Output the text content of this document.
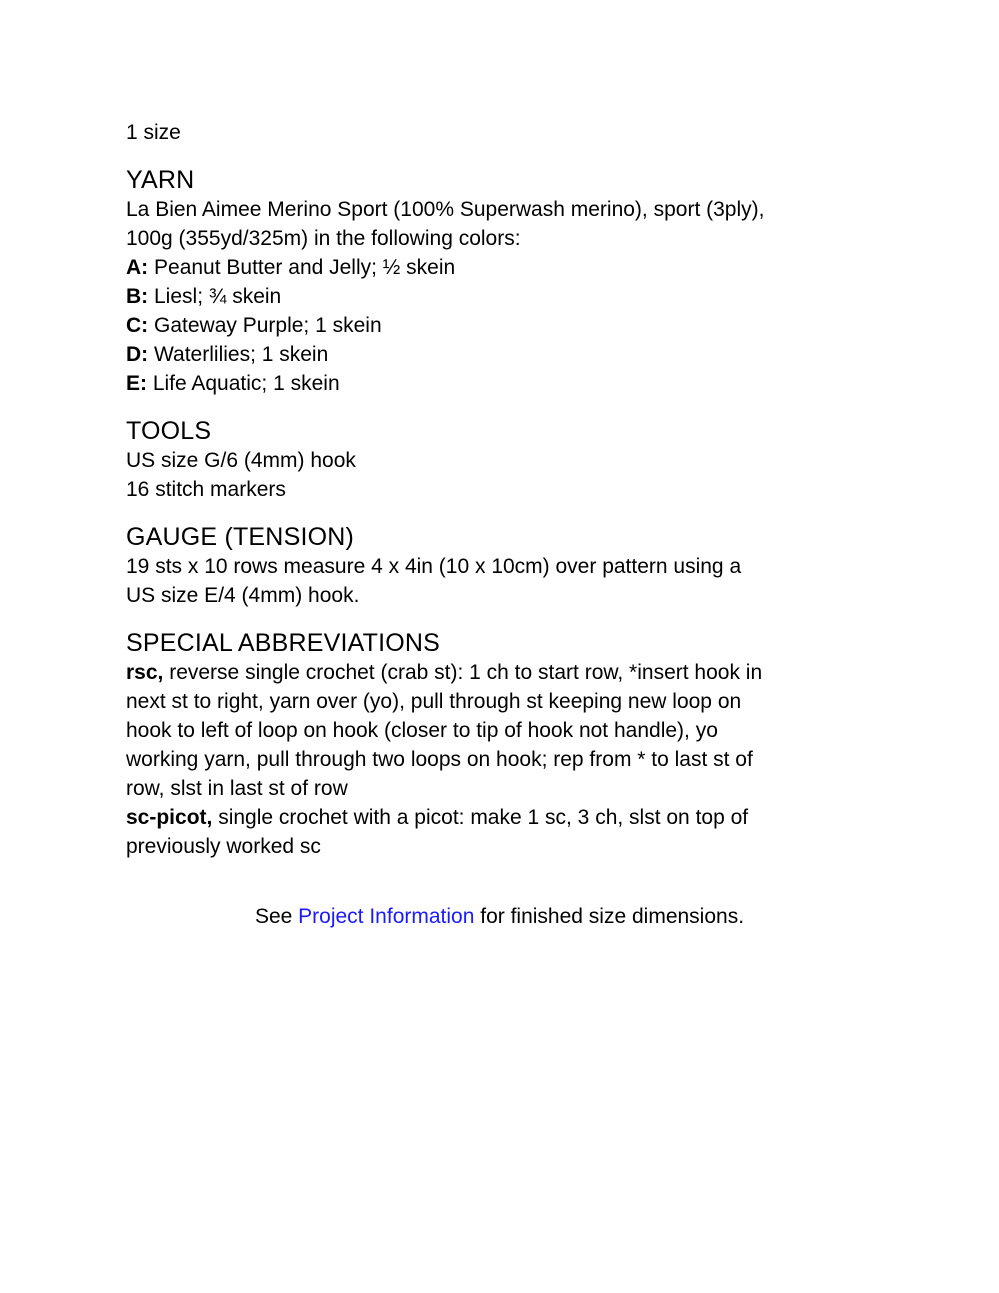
1 size

YARN

La Bien Aimee Merino Sport (100% Superwash merino), sport (3ply),

100g (355yd/325m) in the following colors:

A: Peanut Butter and Jelly; ½ skein

B: Liesl; ¾ skein

C: Gateway Purple; 1 skein

D: Waterlilies; 1 skein

E: Life Aquatic; 1 skein

TOOLS

US size G/6 (4mm) hook

16 stitch markers

GAUGE (TENSION)

19 sts x 10 rows measure 4 x 4in (10 x 10cm) over pattern using a

US size E/4 (4mm) hook.

SPECIAL ABBREVIATIONS

rsc, reverse single crochet (crab st): 1 ch to start row, *insert hook in

next st to right, yarn over (yo), pull through st keeping new loop on

hook to left of loop on hook (closer to tip of hook not handle), yo

working yarn, pull through two loops on hook; rep from * to last st of

row, slst in last st of row

sc-picot, single crochet with a picot: make 1 sc, 3 ch, slst on top of

previously worked sc

See Project Information for finished size dimensions.
